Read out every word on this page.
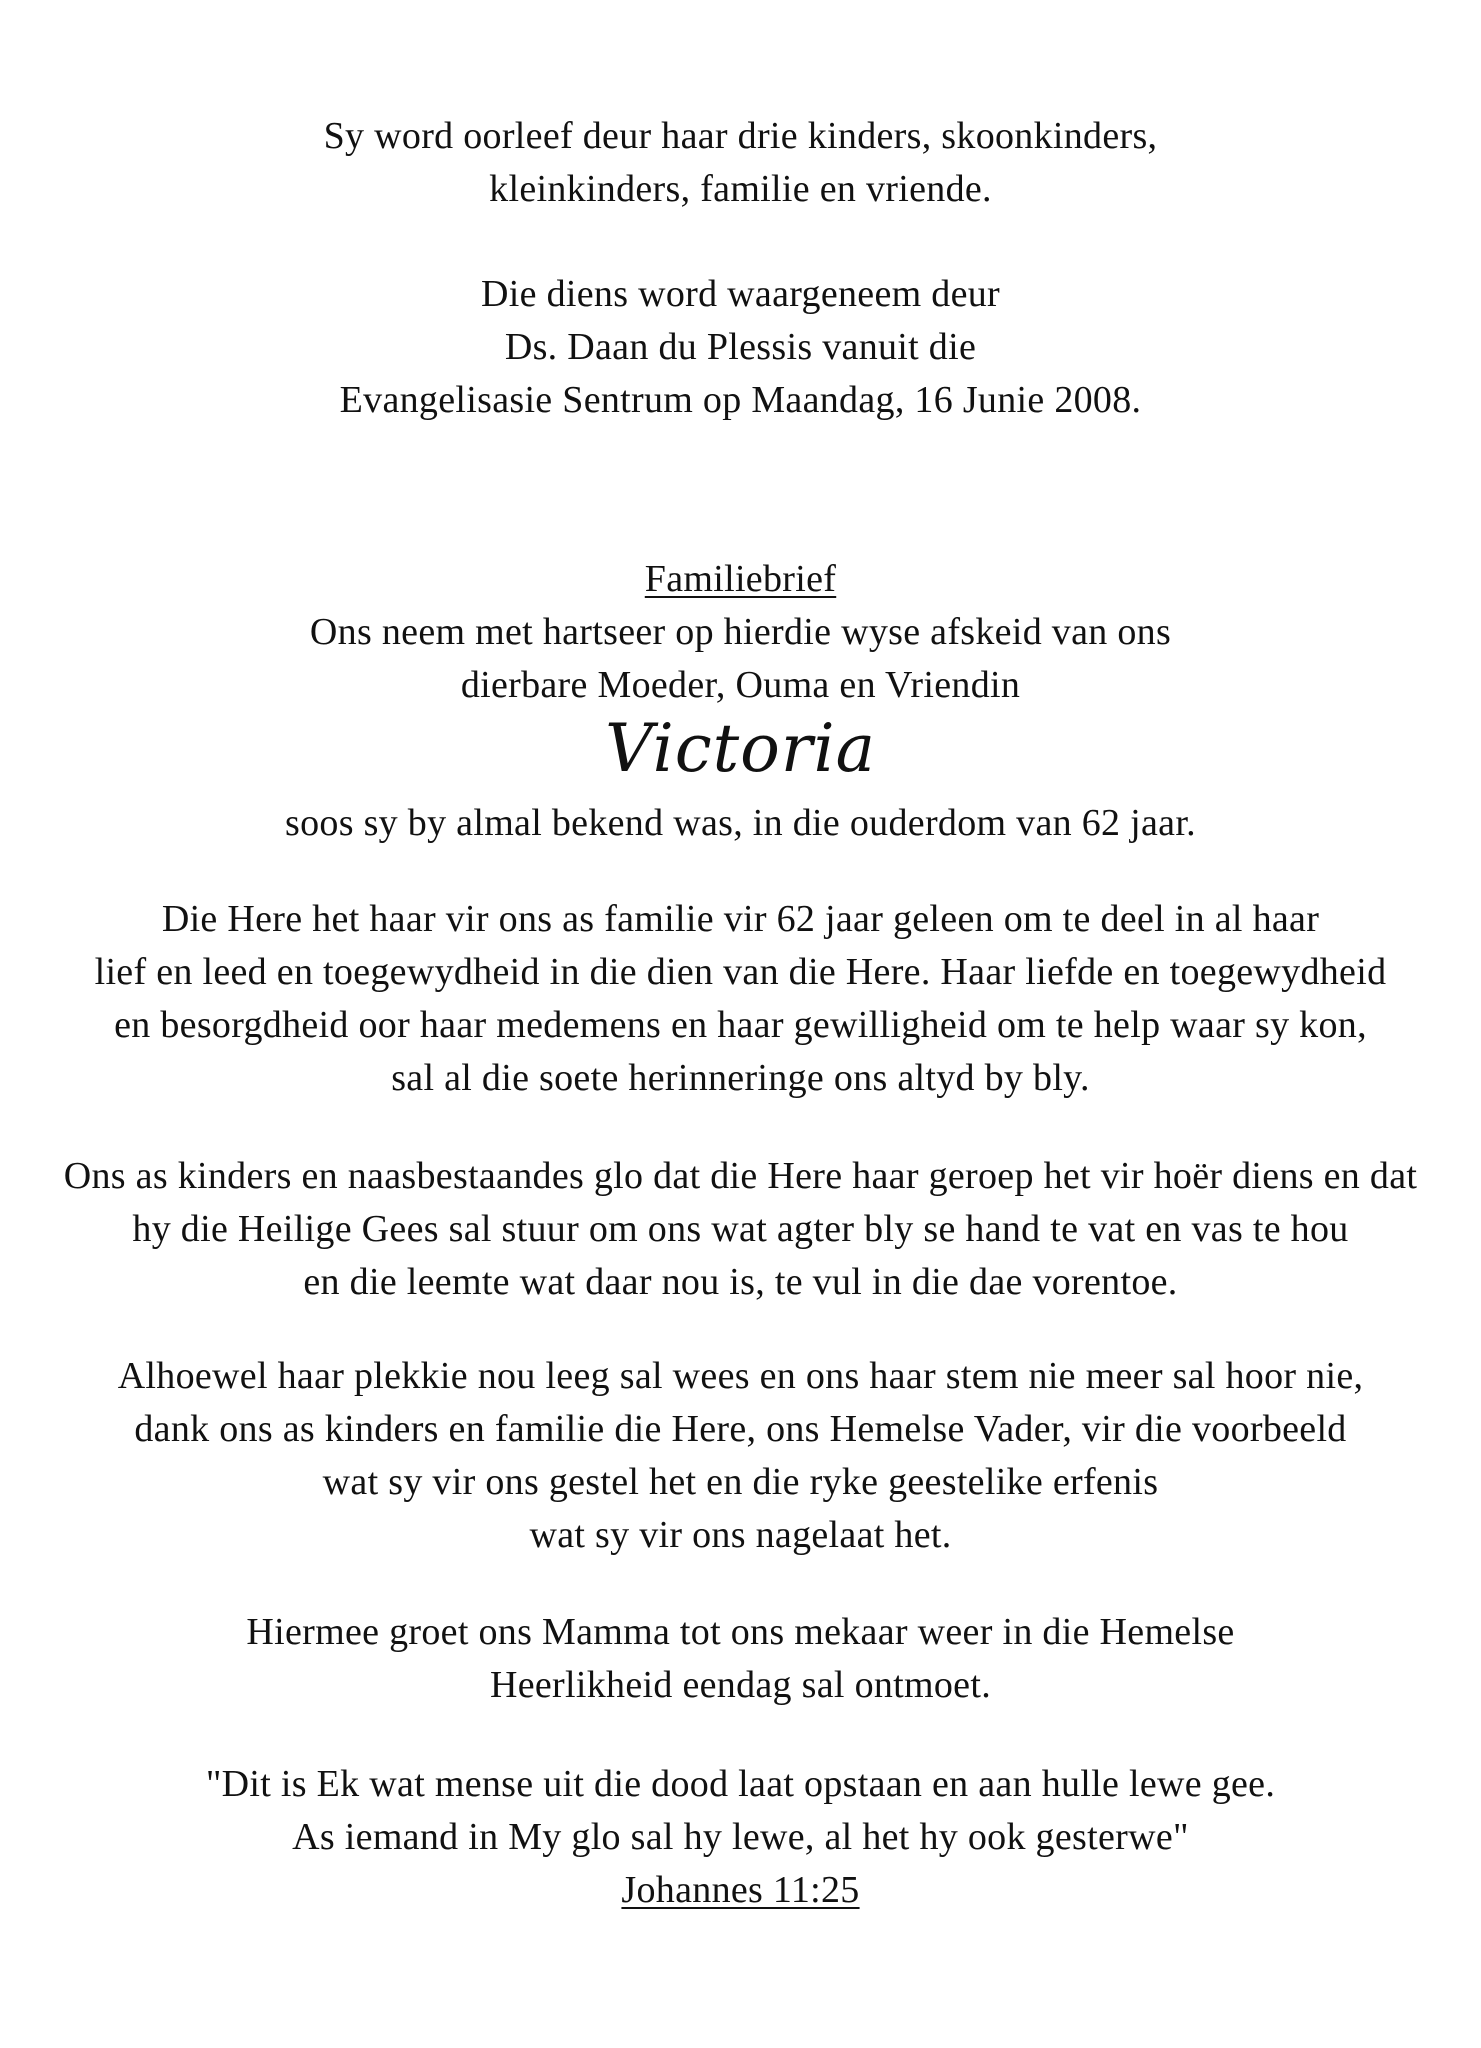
Sy word oorleef deur haar drie kinders, skoonkinders,
kleinkinders, familie en vriende.
Die diens word waargeneem deur
Ds. Daan du Plessis vanuit die
Evangelisasie Sentrum op Maandag, 16 Junie 2008.
Familiebrief
Ons neem met hartseer op hierdie wyse afskeid van ons
dierbare Moeder, Ouma en Vriendin
Victoria
soos sy by almal bekend was, in die ouderdom van 62 jaar.
Die Here het haar vir ons as familie vir 62 jaar geleen om te deel in al haar
lief en leed en toegewydheid in die dien van die Here. Haar liefde en toegewydheid
en besorgdheid oor haar medemens en haar gewilligheid om te help waar sy kon,
sal al die soete herinneringe ons altyd by bly.
Ons as kinders en naasbestaandes glo dat die Here haar geroep het vir hoër diens en dat
hy die Heilige Gees sal stuur om ons wat agter bly se hand te vat en vas te hou
en die leemte wat daar nou is, te vul in die dae vorentoe.
Alhoewel haar plekkie nou leeg sal wees en ons haar stem nie meer sal hoor nie,
dank ons as kinders en familie die Here, ons Hemelse Vader, vir die voorbeeld
wat sy vir ons gestel het en die ryke geestelike erfenis
wat sy vir ons nagelaat het.
Hiermee groet ons Mamma tot ons mekaar weer in die Hemelse
Heerlikheid eendag sal ontmoet.
"Dit is Ek wat mense uit die dood laat opstaan en aan hulle lewe gee.
As iemand in My glo sal hy lewe, al het hy ook gesterwe"
Johannes 11:25
